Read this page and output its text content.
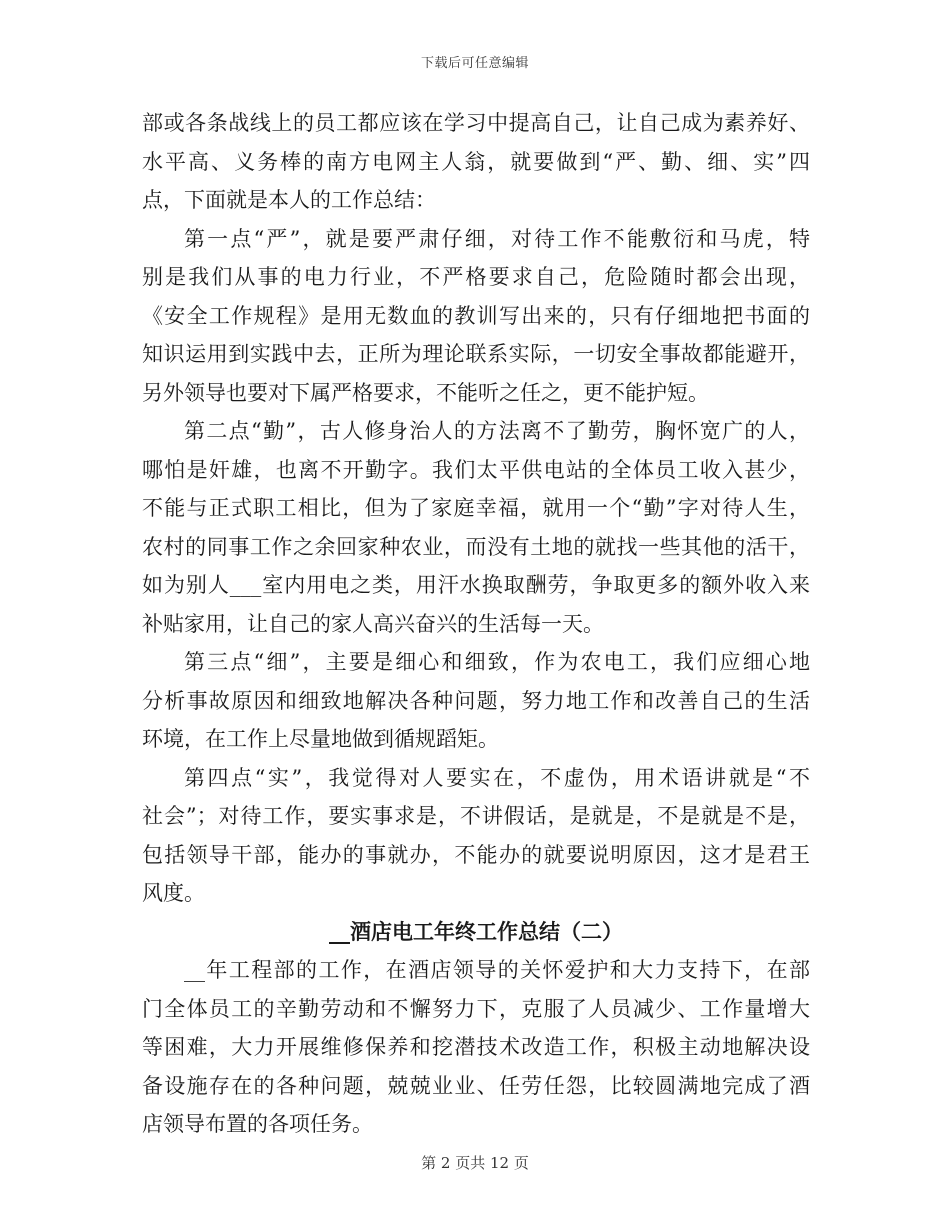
下载后可任意编辑
部或各条战线上的员工都应该在学习中提高自己，让自己成为素养好、
水平高、义务棒的南方电网主人翁，就要做到“严、勤、细、实”四
点，下面就是本人的工作总结：
第一点“严”，就是要严肃仔细，对待工作不能敷衍和马虎，特
别是我们从事的电力行业，不严格要求自己，危险随时都会出现，
《安全工作规程》是用无数血的教训写出来的，只有仔细地把书面的
知识运用到实践中去，正所为理论联系实际，一切安全事故都能避开，
另外领导也要对下属严格要求，不能听之任之，更不能护短。
第二点“勤”，古人修身治人的方法离不了勤劳，胸怀宽广的人，
哪怕是奸雄，也离不开勤字。我们太平供电站的全体员工收入甚少，
不能与正式职工相比，但为了家庭幸福，就用一个“勤”字对待人生，
农村的同事工作之余回家种农业，而没有土地的就找一些其他的活干，
如为别人___室内用电之类，用汗水换取酬劳，争取更多的额外收入来
补贴家用，让自己的家人高兴奋兴的生活每一天。
第三点“细”，主要是细心和细致，作为农电工，我们应细心地
分析事故原因和细致地解决各种问题，努力地工作和改善自己的生活
环境，在工作上尽量地做到循规蹈矩。
第四点“实”，我觉得对人要实在，不虚伪，用术语讲就是“不
社会”；对待工作，要实事求是，不讲假话，是就是，不是就是不是，
包括领导干部，能办的事就办，不能办的就要说明原因，这才是君王
风度。
__酒店电工年终工作总结（二）
__年工程部的工作，在酒店领导的关怀爱护和大力支持下，在部
门全体员工的辛勤劳动和不懈努力下，克服了人员减少、工作量增大
等困难，大力开展维修保养和挖潜技术改造工作，积极主动地解决设
备设施存在的各种问题，兢兢业业、任劳任怨，比较圆满地完成了酒
店领导布置的各项任务。
第 2 页共 12 页
